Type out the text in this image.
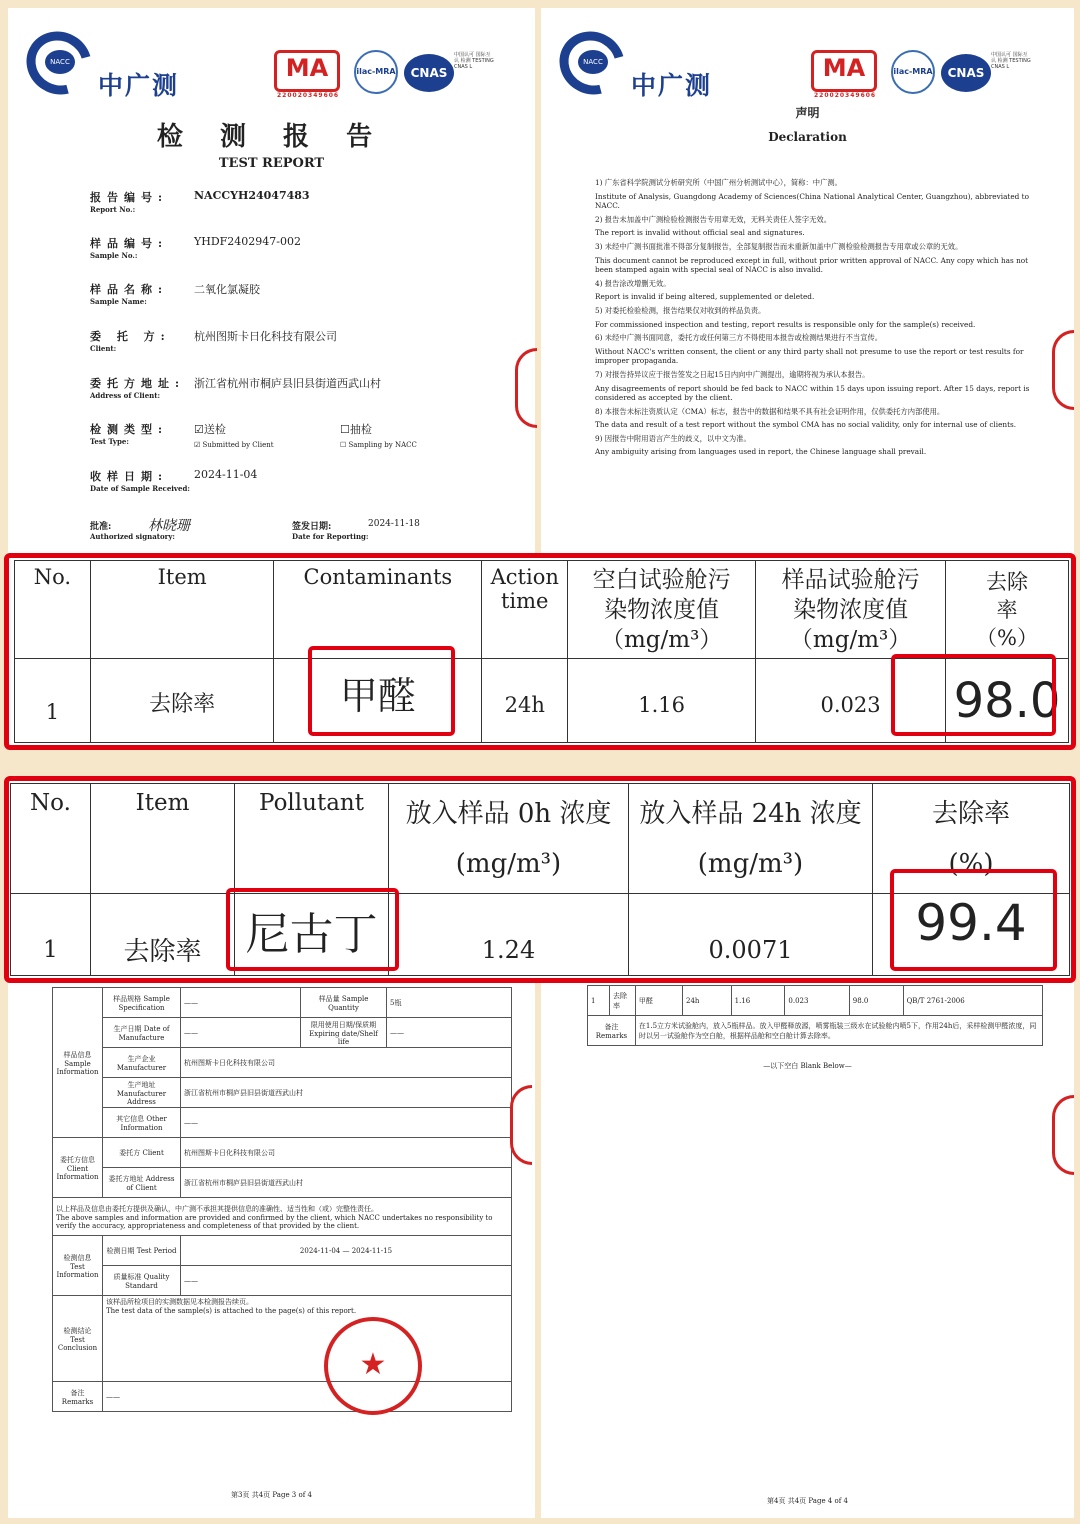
NACC
中广测
MA
220020349606
ilac-MRA	CNAS
中国认可 国际互认 检测 TESTING CNAS L
检 测 报 告
TEST REPORT
报告编号:
Report No.:
NACCYH24047483
样品编号:
Sample No.:
YHDF2402947-002
样品名称:
Sample Name:
二氧化氯凝胶
委 托 方:
Client:
杭州图斯卡日化科技有限公司
委托方地址:
Address of Client:
浙江省杭州市桐庐县旧县街道西武山村
检测类型:
Test Type:
☑送检
☑ Submitted by Client
☐抽检
☐ Sampling by NACC
收样日期:
Date of Sample Received:
2024-11-04
批准:	林晓珊
Authorized signatory:
签发日期:	2024-11-18
Date for Reporting:
NACC
中广测
MA
220020349606
ilac-MRA	CNAS
中国认可 国际互认 检测 TESTING CNAS L
声明
Declaration

1) 广东省科学院测试分析研究所（中国广州分析测试中心），简称：中广测。

Institute of Analysis, Guangdong Academy of Sciences(China National Analytical Center, Guangzhou), abbreviated to NACC.

2) 报告未加盖中广测检验检测报告专用章无效，无料关责任人签字无效。

The report is invalid without official seal and signatures.

3) 未经中广测书面批准不得部分复制报告，全部复制报告而未重新加盖中广测检验检测报告专用章或公章的无效。

This document cannot be reproduced except in full, without prior written approval of NACC. Any copy which has not been stamped again with special seal of NACC is also invalid.

4) 报告涂改增删无效。

Report is invalid if being altered, supplemented or deleted.

5) 对委托检验检测，报告结果仅对收到的样品负责。

For commissioned inspection and testing, report results is responsible only for the sample(s) received.

6) 未经中广测书面同意，委托方或任何第三方不得使用本报告或检测结果进行不当宣传。

Without NACC's written consent, the client or any third party shall not presume to use the report or test results for improper propaganda.

7) 对报告持异议应于报告签发之日起15日内向中广测提出，逾期将视为承认本报告。

Any disagreements of report should be fed back to NACC within 15 days upon issuing report. After 15 days, report is considered as accepted by the client.

8) 本报告未标注资质认定（CMA）标志，报告中的数据和结果不具有社会证明作用，仅供委托方内部使用。

The data and result of a test report without the symbol CMA has no social validity, only for internal use of clients.

9) 因报告中附用语言产生的歧义，以中文为准。

Any ambiguity arising from languages used in report, the Chinese language shall prevail.

样品信息 Sample Information	样品规格 Sample Specification	——	样品量 Sample Quantity	5瓶
	生产日期 Date of Manufacture	——	限用使用日期/保质期 Expiring date/Shelf life	——
	生产企业 Manufacturer	杭州图斯卡日化科技有限公司		
	生产地址 Manufacturer Address	浙江省杭州市桐庐县旧县街道西武山村		
	其它信息 Other Information	——		
委托方信息 Client Information	委托方 Client	杭州图斯卡日化科技有限公司		
	委托方地址 Address of Client	浙江省杭州市桐庐县旧县街道西武山村		
以上样品及信息由委托方提供及确认，中广测不承担其提供信息的准确性、适当性和（或）完整性责任。
The above samples and information are provided and confirmed by the client, which NACC undertakes no responsibility to verify the accuracy, appropriateness and completeness of that provided by the client.				
检测信息 Test Information	检测日期 Test Period	2024-11-04 — 2024-11-15		
	质量标准 Quality Standard	——		
检测结论 Test Conclusion	该样品所检项目的实测数据见本检测报告续页。
The test data of the sample(s) is attached to the page(s) of this report.			
备注 Remarks	——			
★
第3页 共4页 Page 3 of 4
1	去除率	甲醛	24h	1.16	0.023	98.0	QB/T 2761-2006
备注 Remarks		在1.5立方米试验舱内，放入5瓶样品。放入甲醛释放源，喷雾瓶装三级水在试验舱内喷5下，作用24h后，采样检测甲醛浓度，同时以另一试验舱作为空白舱，根据样品舱和空白舱计算去除率。					
—以下空白 Blank Below—
第4页 共4页 Page 4 of 4
No.	Item	Contaminants	Action time	空白试验舱污染物浓度值（mg/m³）	样品试验舱污染物浓度值（mg/m³）	去除率（%）
1	去除率	甲醛	24h	1.16	0.023	98.0
No.	Item	Pollutant	放入样品 0h 浓度 (mg/m³)	放入样品 24h 浓度 (mg/m³)	去除率 (%)
1	去除率	尼古丁	1.24	0.0071	99.4
